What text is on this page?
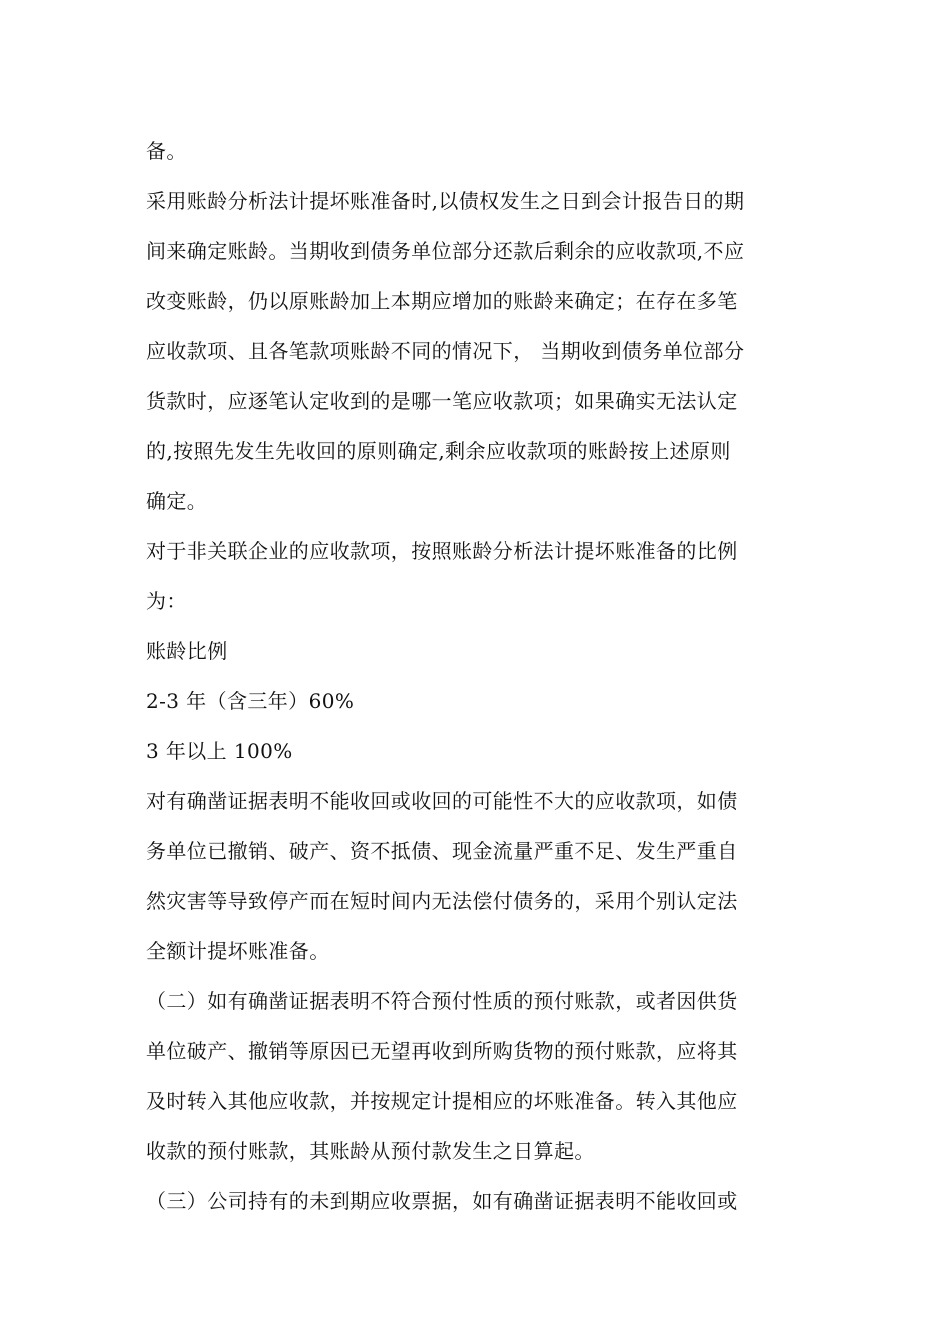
备。
采用账龄分析法计提坏账准备时,以债权发生之日到会计报告日的期
间来确定账龄。当期收到债务单位部分还款后剩余的应收款项,不应
改变账龄，仍以原账龄加上本期应增加的账龄来确定；在存在多笔
应收款项、且各笔款项账龄不同的情况下， 当期收到债务单位部分
货款时，应逐笔认定收到的是哪一笔应收款项；如果确实无法认定
的,按照先发生先收回的原则确定,剩余应收款项的账龄按上述原则
确定。
对于非关联企业的应收款项，按照账龄分析法计提坏账准备的比例
为：
账龄比例
2-3 年（含三年）60%
3 年以上 100%
对有确凿证据表明不能收回或收回的可能性不大的应收款项，如债
务单位已撤销、破产、资不抵债、现金流量严重不足、发生严重自
然灾害等导致停产而在短时间内无法偿付债务的，采用个别认定法
全额计提坏账准备。
（二）如有确凿证据表明不符合预付性质的预付账款，或者因供货
单位破产、撤销等原因已无望再收到所购货物的预付账款，应将其
及时转入其他应收款，并按规定计提相应的坏账准备。转入其他应
收款的预付账款，其账龄从预付款发生之日算起。
（三）公司持有的未到期应收票据，如有确凿证据表明不能收回或
